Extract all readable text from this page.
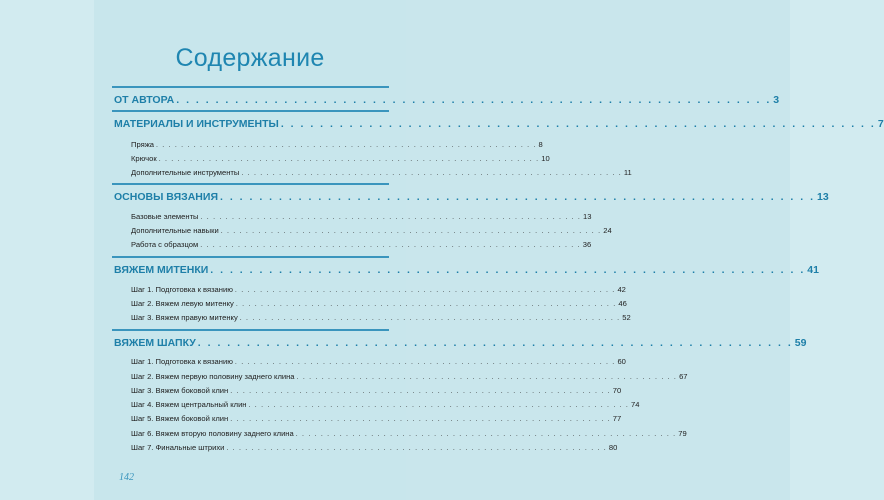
Содержание
ОТ АВТОРА . . . . . . . . . . . . . . . . . . . . . . . . . . . . . . . . . . . . . . . . . . . . . . . . . . . . . . . . . . . . . 3
МАТЕРИАЛЫ И ИНСТРУМЕНТЫ . . . . . . . . . . . . . . . . . . . . . . . . . . . . . . . . . . . . . . . . . . . . . . . . . . . . . . . . . . . . . 7
Пряжа . . . . . . . . . . . . . . . . . . . . . . . . . . . . . . . . . . . . . . . . . . . . . . . . . . . . . . . . . . . . . 8
Крючок . . . . . . . . . . . . . . . . . . . . . . . . . . . . . . . . . . . . . . . . . . . . . . . . . . . . . . . . . . . . . 10
Дополнительные инструменты . . . . . . . . . . . . . . . . . . . . . . . . . . . . . . . . . . . . . . . . . . . . . . . . . . . . . . . . . . . . . 11
ОСНОВЫ ВЯЗАНИЯ . . . . . . . . . . . . . . . . . . . . . . . . . . . . . . . . . . . . . . . . . . . . . . . . . . . . . . . . . . . . . 13
Базовые элементы . . . . . . . . . . . . . . . . . . . . . . . . . . . . . . . . . . . . . . . . . . . . . . . . . . . . . . . . . . . . . 13
Дополнительные навыки . . . . . . . . . . . . . . . . . . . . . . . . . . . . . . . . . . . . . . . . . . . . . . . . . . . . . . . . . . . . . 24
Работа с образцом . . . . . . . . . . . . . . . . . . . . . . . . . . . . . . . . . . . . . . . . . . . . . . . . . . . . . . . . . . . . . 36
ВЯЖЕМ МИТЕНКИ . . . . . . . . . . . . . . . . . . . . . . . . . . . . . . . . . . . . . . . . . . . . . . . . . . . . . . . . . . . . . 41
Шаг 1. Подготовка к вязанию . . . . . . . . . . . . . . . . . . . . . . . . . . . . . . . . . . . . . . . . . . . . . . . . . . . . . . . . . . . . . 42
Шаг 2. Вяжем левую митенку . . . . . . . . . . . . . . . . . . . . . . . . . . . . . . . . . . . . . . . . . . . . . . . . . . . . . . . . . . . . . 46
Шаг 3. Вяжем правую митенку . . . . . . . . . . . . . . . . . . . . . . . . . . . . . . . . . . . . . . . . . . . . . . . . . . . . . . . . . . . . . 52
ВЯЖЕМ ШАПКУ . . . . . . . . . . . . . . . . . . . . . . . . . . . . . . . . . . . . . . . . . . . . . . . . . . . . . . . . . . . . . 59
Шаг 1. Подготовка к вязанию . . . . . . . . . . . . . . . . . . . . . . . . . . . . . . . . . . . . . . . . . . . . . . . . . . . . . . . . . . . . . 60
Шаг 2. Вяжем первую половину заднего клина . . . . . . . . . . . . . . . . . . . . . . . . . . . . . . . . . . . . . . . . . . . . . . . . . . . . . . . . . . . . . 67
Шаг 3. Вяжем боковой клин . . . . . . . . . . . . . . . . . . . . . . . . . . . . . . . . . . . . . . . . . . . . . . . . . . . . . . . . . . . . . 70
Шаг 4. Вяжем центральный клин . . . . . . . . . . . . . . . . . . . . . . . . . . . . . . . . . . . . . . . . . . . . . . . . . . . . . . . . . . . . . 74
Шаг 5. Вяжем боковой клин . . . . . . . . . . . . . . . . . . . . . . . . . . . . . . . . . . . . . . . . . . . . . . . . . . . . . . . . . . . . . 77
Шаг 6. Вяжем вторую половину заднего клина . . . . . . . . . . . . . . . . . . . . . . . . . . . . . . . . . . . . . . . . . . . . . . . . . . . . . . . . . . . . . 79
Шаг 7. Финальные штрихи . . . . . . . . . . . . . . . . . . . . . . . . . . . . . . . . . . . . . . . . . . . . . . . . . . . . . . . . . . . . . 80
142
